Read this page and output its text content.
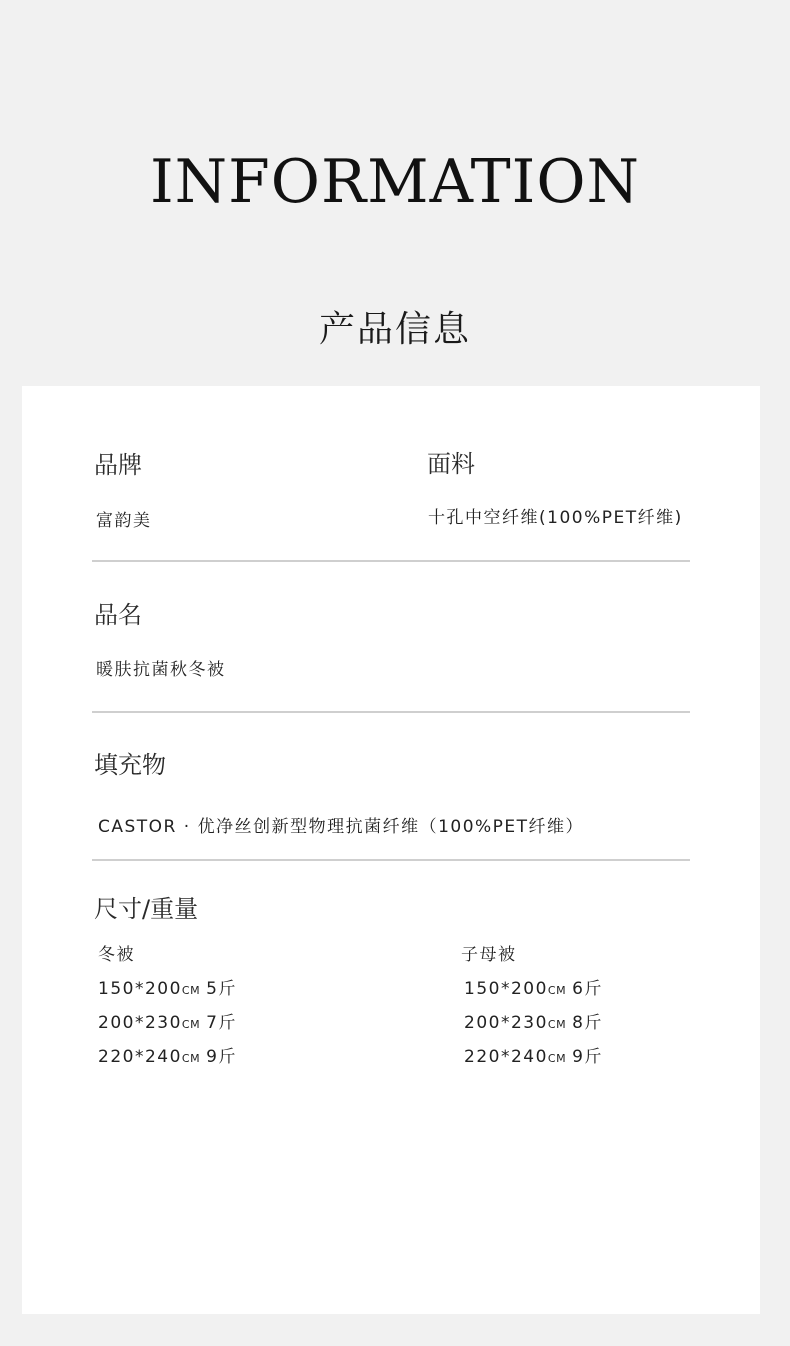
INFORMATION
产品信息
品牌
富韵美
面料
十孔中空纤维(100%PET纤维)
品名
暖肤抗菌秋冬被
填充物
CASTOR · 优净丝创新型物理抗菌纤维（100%PET纤维）
尺寸/重量
冬被
150*200CM 5斤
200*230CM 7斤
220*240CM 9斤
子母被
150*200CM 6斤
200*230CM 8斤
220*240CM 9斤
